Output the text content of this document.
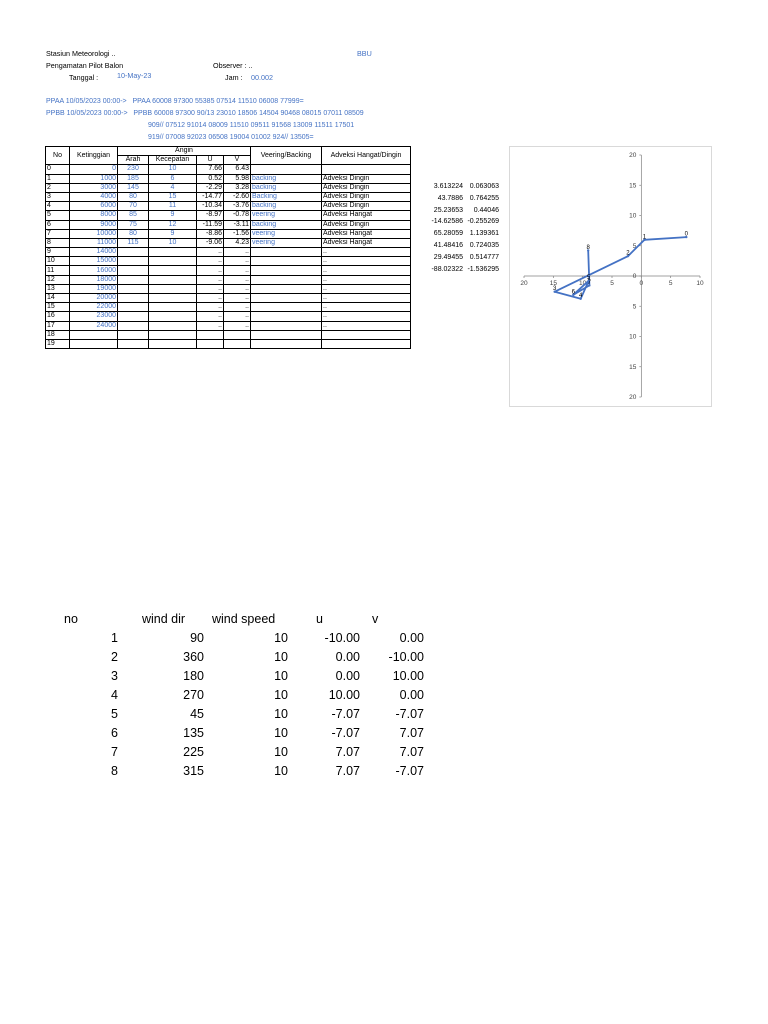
Stasiun Meteorologi ..	BBU
Pengamatan Pilot Balon	Observer : ..
Tanggal :	10-May-23	Jam : 00.002
PPAA 10/05/2023 00:00->   PPAA 60008 97300 55385 07514 11510 06008 77999=
PPBB 10/05/2023 00:00->   PPBB 60008 97300 90/13 23010 18506 14504 90468 08015 07011 08509
909// 07512 91014 08009 11510 09511 91568 13009 11511 17501
919// 07008 92023 06508 19004 01002 924// 13505=
No	Ketinggian	Angin				Veering/Backing	Adveksi Hangat/Dingin
		Arah	Kecepatan	U	V		
0	0	230	10	7.66	6.43		
1	1000	185	6	0.52	5.98	backing	Adveksi Dingin
2	3000	145	4	-2.29	3.28	backing	Adveksi Dingin
3	4000	80	15	-14.77	-2.60	Backing	Adveksi Dingin
4	6000	70	11	-10.34	-3.76	backing	Adveksi Dingin
5	8000	85	9	-8.97	-0.78	veering	Adveksi Hangat
6	9000	75	12	-11.59	-3.11	backing	Adveksi Dingin
7	10000	80	9	-8.86	-1.56	veering	Adveksi Hangat
8	11000	115	10	-9.06	4.23	veering	Adveksi Hangat
9	14000			..	..		..
10	15000			..	..		..
11	16000			..	..		..
12	18000			..	..		..
13	19000			..	..		..
14	20000			..	..		..
15	22000			..	..		..
16	23000			..	..		..
17	24000			..	..		..
18							
19							
3.613224 0.063063
43.7886 0.764255
25.23653	0.44046
-14.62586 -0.255269
65.28059 1.139361
41.48416 0.724035
29.49455 0.514777
-88.02322 -1.536295
20	15	10	5	0	5	10
20
15
10
5
0
5
10
15
20
0
1
2
3
4
5
6
7
8
no	wind dir	wind speed	u	v
1	90	10	-10.00	0.00
2	360	10	0.00	-10.00
3	180	10	0.00	10.00
4	270	10	10.00	0.00
5	45	10	-7.07	-7.07
6	135	10	-7.07	7.07
7	225	10	7.07	7.07
8	315	10	7.07	-7.07
